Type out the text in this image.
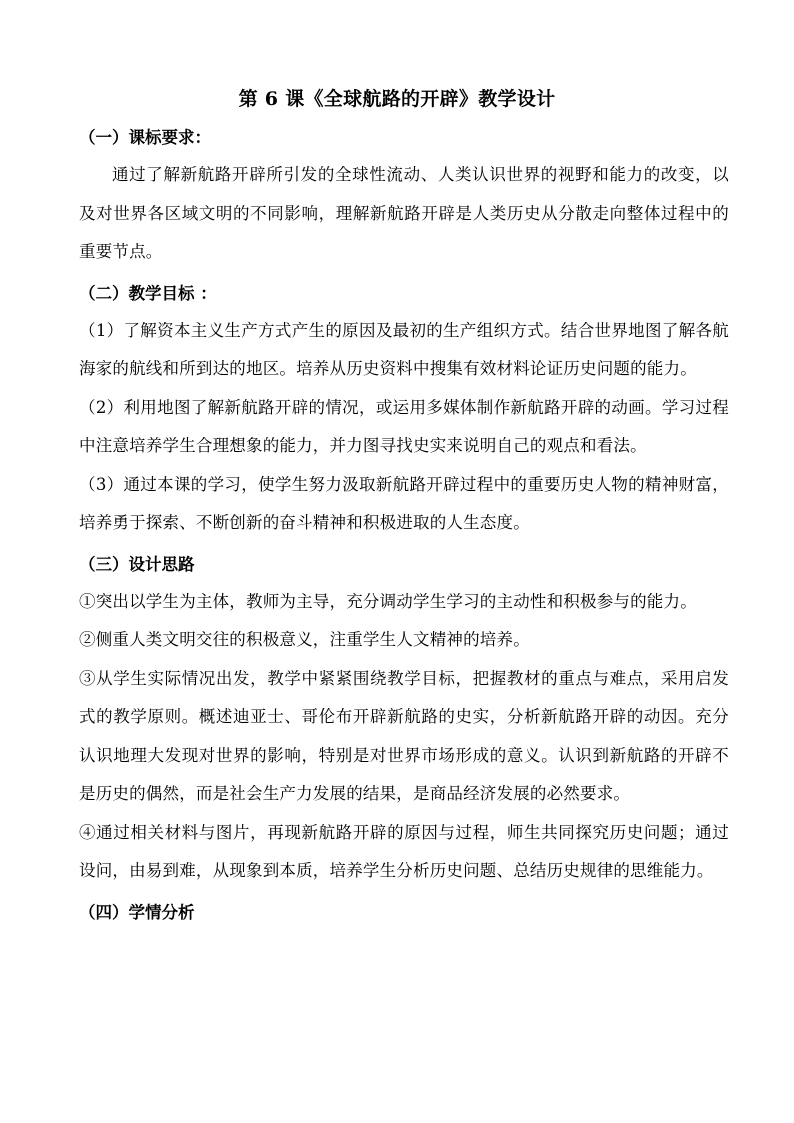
第 6 课《全球航路的开辟》教学设计

（一）课标要求：

通过了解新航路开辟所引发的全球性流动、人类认识世界的视野和能力的改变，以及对世界各区域文明的不同影响，理解新航路开辟是人类历史从分散走向整体过程中的重要节点。

（二）教学目标 ：

（1）了解资本主义生产方式产生的原因及最初的生产组织方式。结合世界地图了解各航海家的航线和所到达的地区。培养从历史资料中搜集有效材料论证历史问题的能力。

（2）利用地图了解新航路开辟的情况，或运用多媒体制作新航路开辟的动画。学习过程中注意培养学生合理想象的能力，并力图寻找史实来说明自己的观点和看法。

（3）通过本课的学习，使学生努力汲取新航路开辟过程中的重要历史人物的精神财富，培养勇于探索、不断创新的奋斗精神和积极进取的人生态度。

（三）设计思路

①突出以学生为主体，教师为主导，充分调动学生学习的主动性和积极参与的能力。

②侧重人类文明交往的积极意义，注重学生人文精神的培养。

③从学生实际情况出发，教学中紧紧围绕教学目标，把握教材的重点与难点，采用启发式的教学原则。概述迪亚士、哥伦布开辟新航路的史实，分析新航路开辟的动因。充分认识地理大发现对世界的影响，特别是对世界市场形成的意义。认识到新航路的开辟不是历史的偶然，而是社会生产力发展的结果，是商品经济发展的必然要求。

④通过相关材料与图片，再现新航路开辟的原因与过程，师生共同探究历史问题；通过设问，由易到难，从现象到本质，培养学生分析历史问题、总结历史规律的思维能力。

（四）学情分析
